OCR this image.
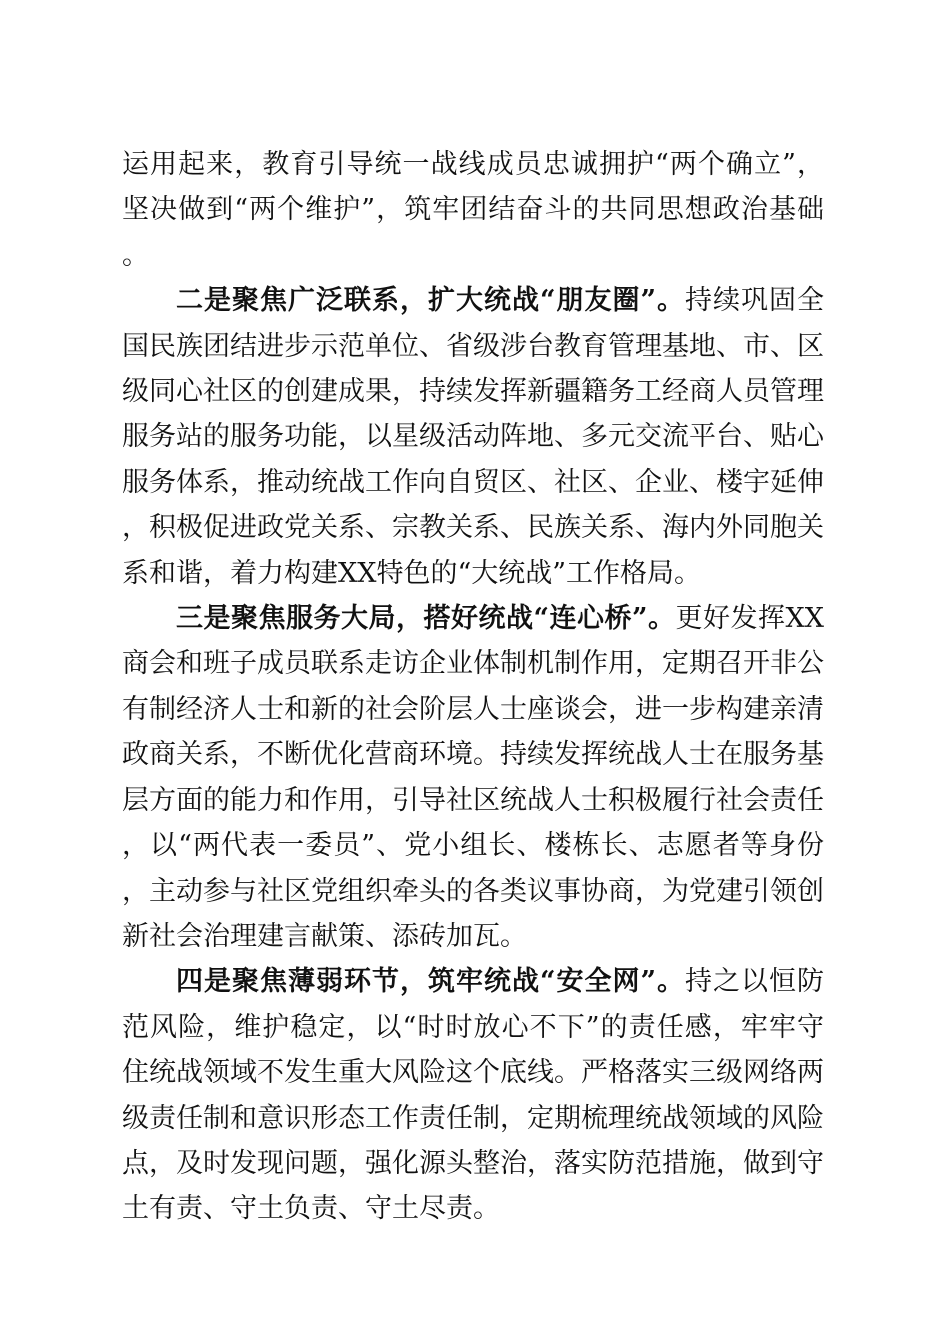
运用起来，教育引导统一战线成员忠诚拥护“两个确立”，坚决做到“两个维护”，筑牢团结奋斗的共同思想政治基础。

二是聚焦广泛联系，扩大统战“朋友圈”。持续巩固全国民族团结进步示范单位、省级涉台教育管理基地、市、区级同心社区的创建成果，持续发挥新疆籍务工经商人员管理服务站的服务功能，以星级活动阵地、多元交流平台、贴心服务体系，推动统战工作向自贸区、社区、企业、楼宇延伸，积极促进政党关系、宗教关系、民族关系、海内外同胞关系和谐，着力构建XX特色的“大统战”工作格局。

三是聚焦服务大局，搭好统战“连心桥”。更好发挥XX商会和班子成员联系走访企业体制机制作用，定期召开非公有制经济人士和新的社会阶层人士座谈会，进一步构建亲清政商关系，不断优化营商环境。持续发挥统战人士在服务基层方面的能力和作用，引导社区统战人士积极履行社会责任，以“两代表一委员”、党小组长、楼栋长、志愿者等身份，主动参与社区党组织牵头的各类议事协商，为党建引领创新社会治理建言献策、添砖加瓦。

四是聚焦薄弱环节，筑牢统战“安全网”。持之以恒防范风险，维护稳定，以“时时放心不下”的责任感，牢牢守住统战领域不发生重大风险这个底线。严格落实三级网络两级责任制和意识形态工作责任制，定期梳理统战领域的风险点，及时发现问题，强化源头整治，落实防范措施，做到守土有责、守土负责、守土尽责。
